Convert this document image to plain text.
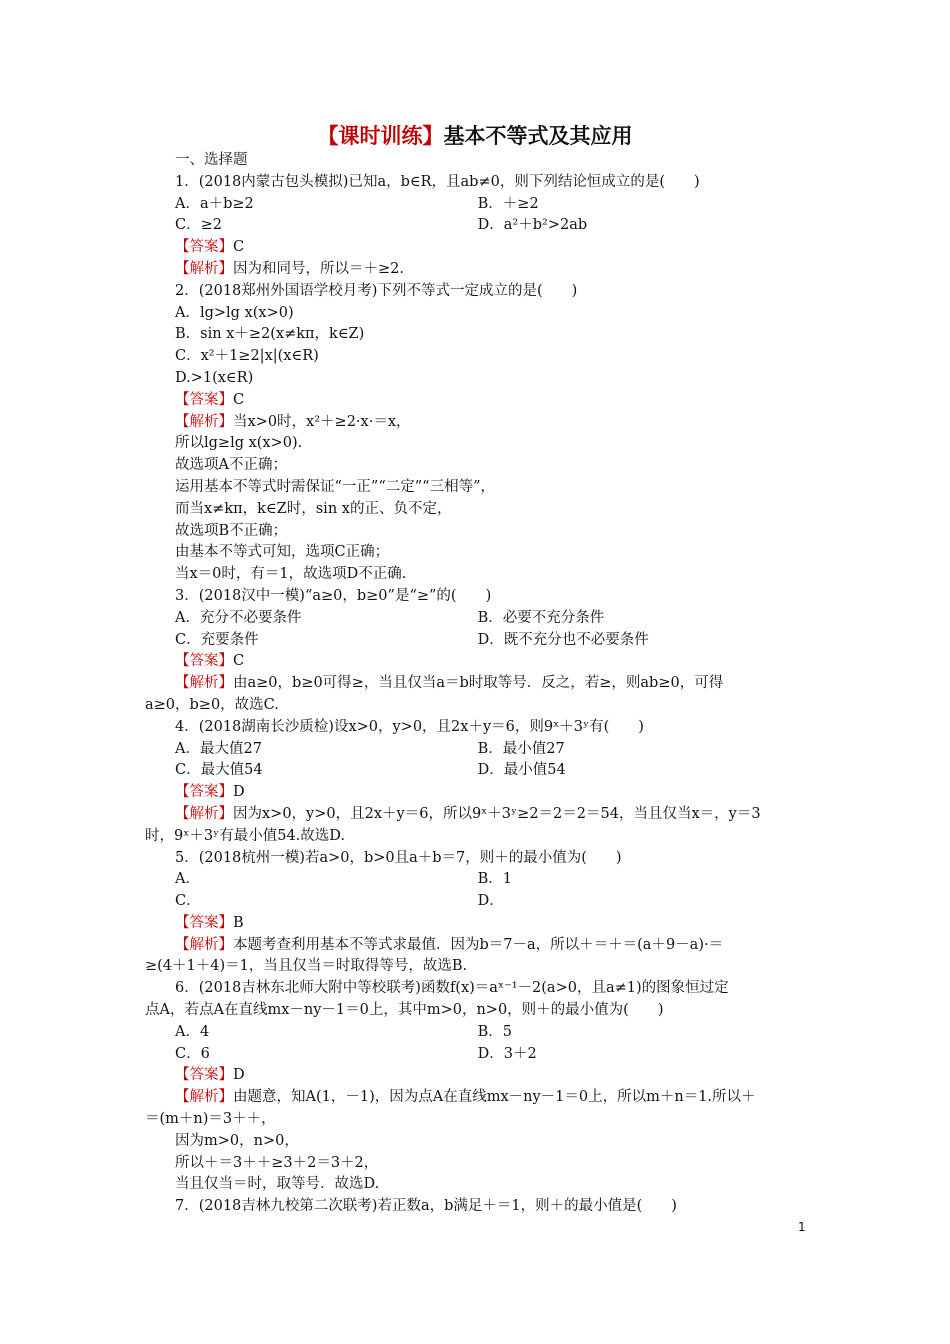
【课时训练】基本不等式及其应用
一、选择题
1．(2018内蒙古包头模拟)已知a，b∈R，且ab≠0，则下列结论恒成立的是(　　)
A．a＋b≥2	B．＋≥2
C．≥2	D．a²＋b²>2ab
【答案】C
【解析】因为和同号，所以＝＋≥2.
2．(2018郑州外国语学校月考)下列不等式一定成立的是(　　)
A．lg>lg x(x>0)
B．sin x＋≥2(x≠kπ，k∈Z)
C．x²＋1≥2|x|(x∈R)
D.>1(x∈R)
【答案】C
【解析】当x>0时，x²＋≥2·x·＝x，
所以lg≥lg x(x>0).
故选项A不正确；
运用基本不等式时需保证“一正”“二定”“三相等”，
而当x≠kπ，k∈Z时，sin x的正、负不定，
故选项B不正确；
由基本不等式可知，选项C正确；
当x＝0时，有＝1，故选项D不正确.
3．(2018汉中一模)“a≥0，b≥0”是“≥”的(　　)
A．充分不必要条件	B．必要不充分条件
C．充要条件	D．既不充分也不必要条件
【答案】C
【解析】由a≥0，b≥0可得≥，当且仅当a＝b时取等号．反之，若≥，则ab≥0，可得
a≥0，b≥0，故选C.
4．(2018湖南长沙质检)设x>0，y>0，且2x＋y＝6，则9ˣ＋3ʸ有(　　)
A．最大值27	B．最小值27
C．最大值54	D．最小值54
【答案】D
【解析】因为x>0，y>0，且2x＋y＝6，所以9ˣ＋3ʸ≥2＝2＝2＝54，当且仅当x＝，y＝3
时，9ˣ＋3ʸ有最小值54.故选D.
5．(2018杭州一模)若a>0，b>0且a＋b＝7，则＋的最小值为(　　)
A．	B．1
C．	D．
【答案】B
【解析】本题考查利用基本不等式求最值．因为b＝7－a，所以＋＝＋＝(a＋9－a)·＝
≥(4＋1＋4)＝1，当且仅当＝时取得等号，故选B.
6．(2018吉林东北师大附中等校联考)函数f(x)＝aˣ⁻¹－2(a>0，且a≠1)的图象恒过定
点A，若点A在直线mx－ny－1＝0上，其中m>0，n>0，则＋的最小值为(　　)
A．4	B．5
C．6	D．3＋2
【答案】D
【解析】由题意，知A(1，－1)，因为点A在直线mx－ny－1＝0上，所以m＋n＝1.所以＋
＝(m＋n)＝3＋＋，
因为m>0，n>0，
所以＋＝3＋＋≥3＋2＝3＋2，
当且仅当＝时，取等号．故选D.
7．(2018吉林九校第二次联考)若正数a，b满足＋＝1，则＋的最小值是(　　)
1
